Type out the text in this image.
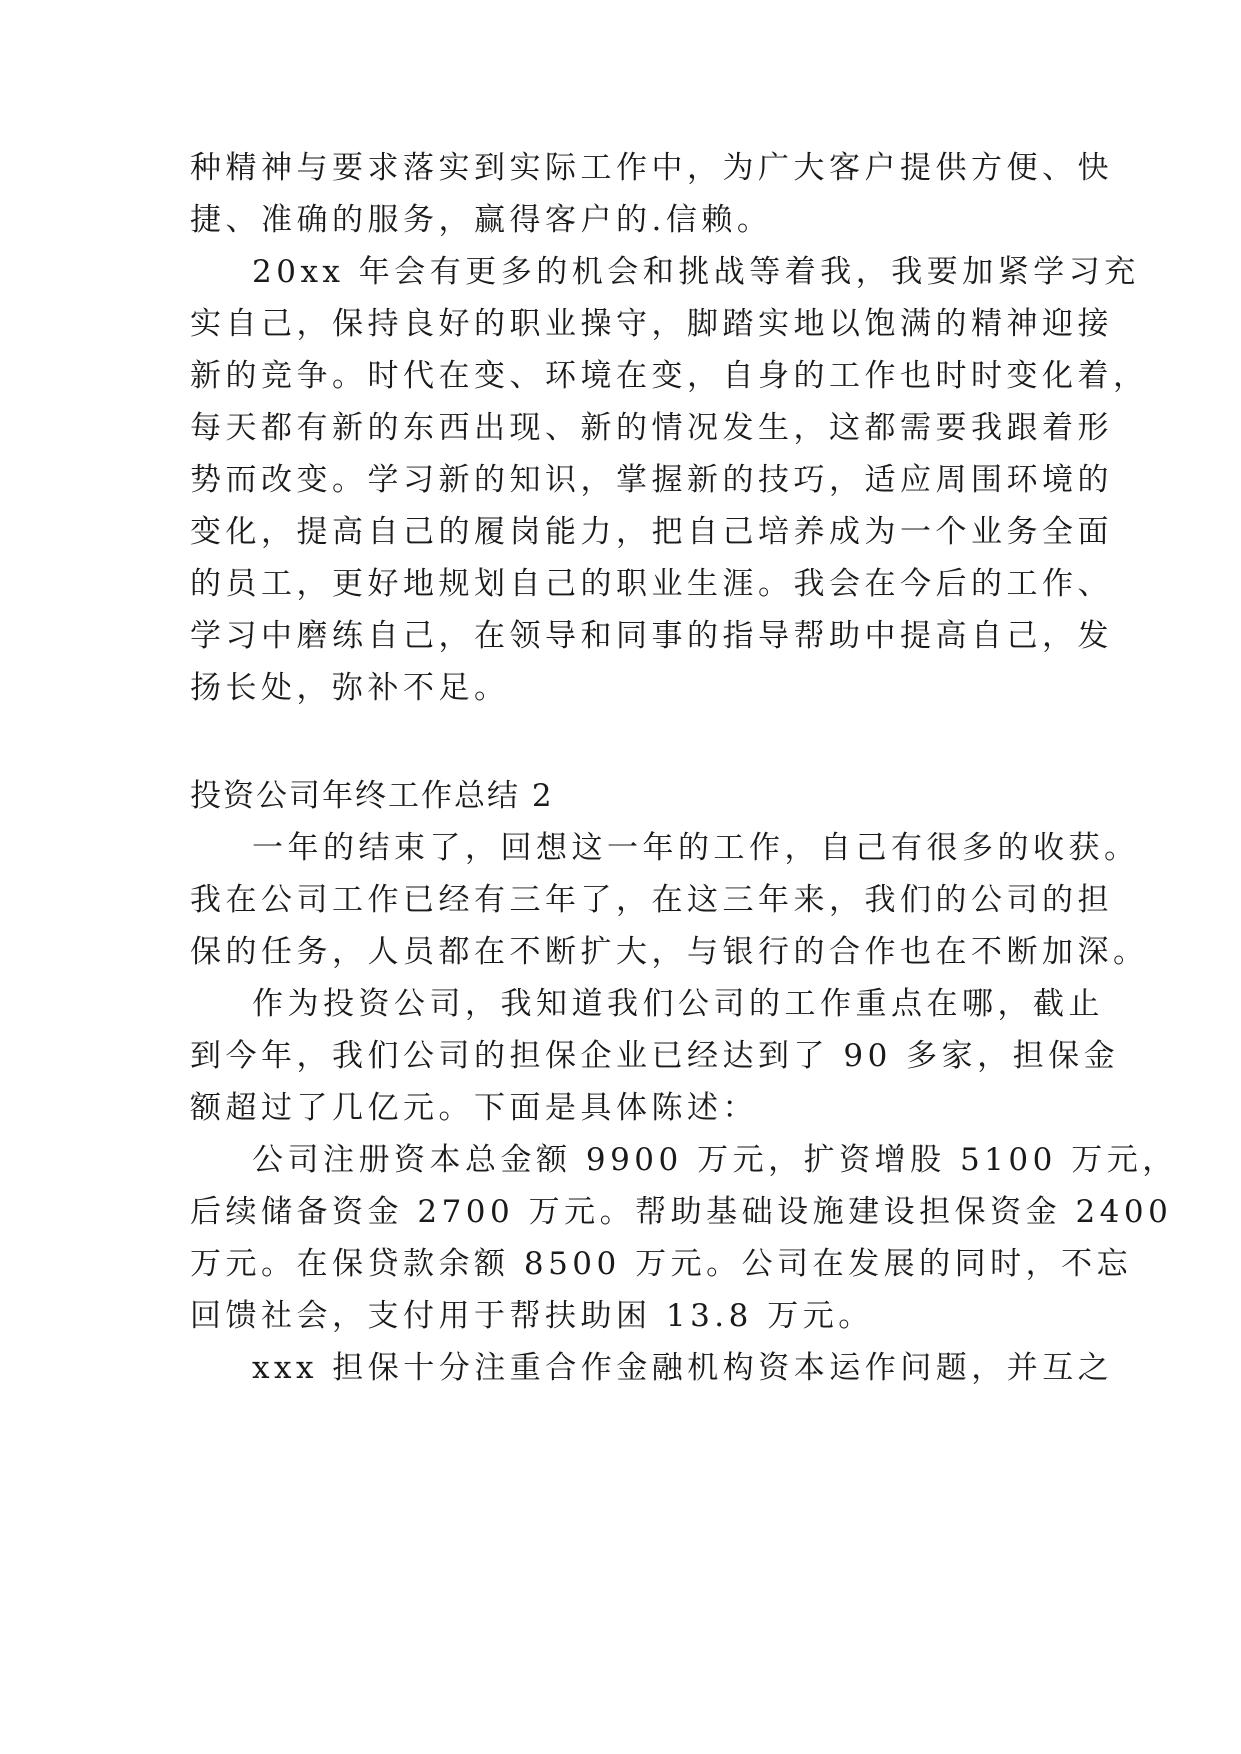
种精神与要求落实到实际工作中，为广大客户提供方便、快
捷、准确的服务，赢得客户的.信赖。
20xx 年会有更多的机会和挑战等着我，我要加紧学习充
实自己，保持良好的职业操守，脚踏实地以饱满的精神迎接
新的竞争。时代在变、环境在变，自身的工作也时时变化着，
每天都有新的东西出现、新的情况发生，这都需要我跟着形
势而改变。学习新的知识，掌握新的技巧，适应周围环境的
变化，提高自己的履岗能力，把自己培养成为一个业务全面
的员工，更好地规划自己的职业生涯。我会在今后的工作、
学习中磨练自己，在领导和同事的指导帮助中提高自己，发
扬长处，弥补不足。
投资公司年终工作总结 2
一年的结束了，回想这一年的工作，自己有很多的收获。
我在公司工作已经有三年了，在这三年来，我们的公司的担
保的任务，人员都在不断扩大，与银行的合作也在不断加深。
作为投资公司，我知道我们公司的工作重点在哪，截止
到今年，我们公司的担保企业已经达到了 90 多家，担保金
额超过了几亿元。下面是具体陈述：
公司注册资本总金额 9900 万元，扩资增股 5100 万元，
后续储备资金 2700 万元。帮助基础设施建设担保资金 2400
万元。在保贷款余额 8500 万元。公司在发展的同时，不忘
回馈社会，支付用于帮扶助困 13.8 万元。
xxx 担保十分注重合作金融机构资本运作问题，并互之
